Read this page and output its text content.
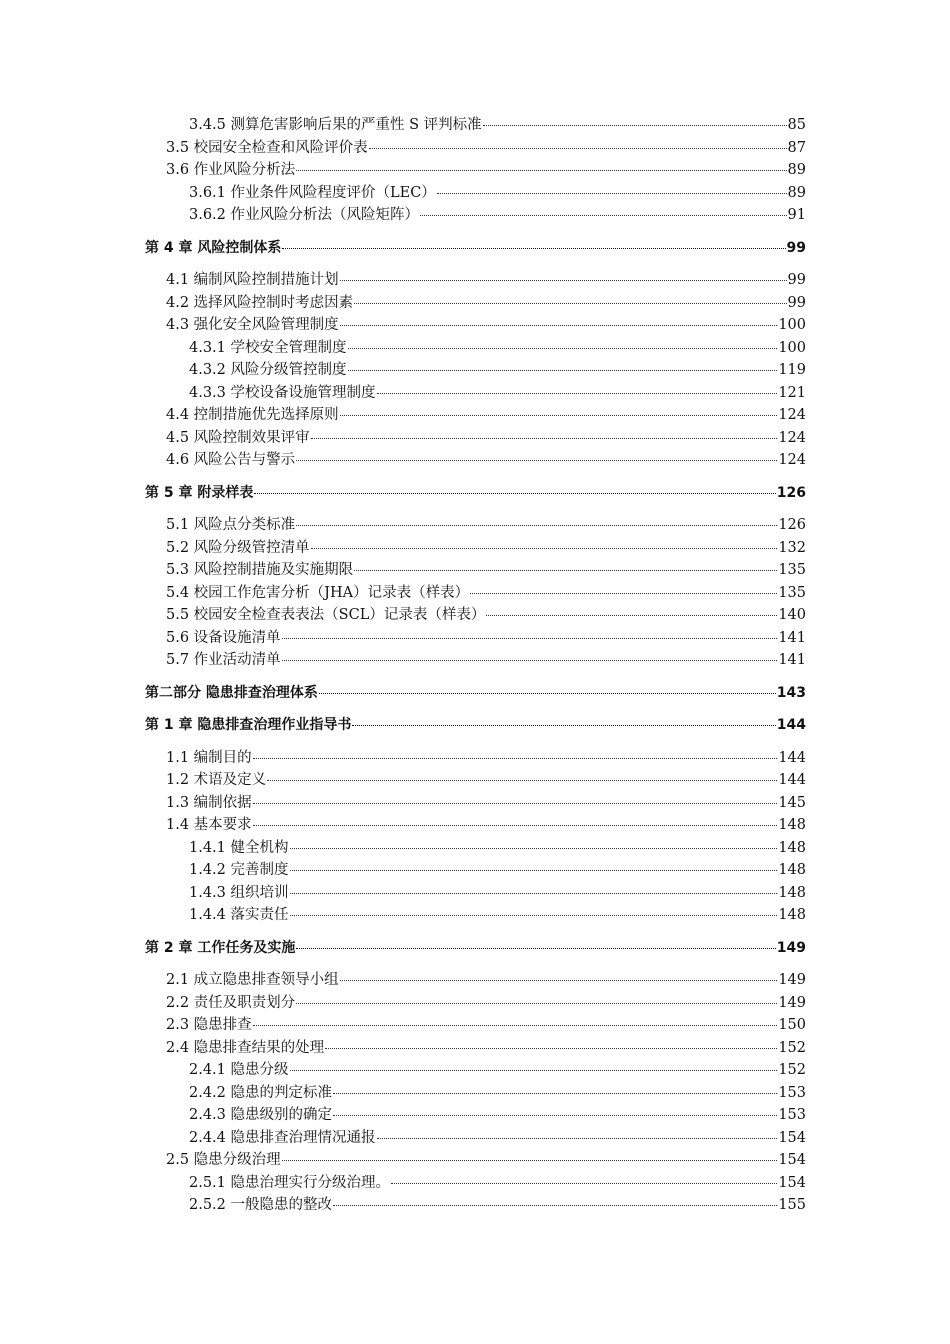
3.4.5 测算危害影响后果的严重性 S 评判标准	85
3.5 校园安全检查和风险评价表	87
3.6 作业风险分析法	89
3.6.1 作业条件风险程度评价（LEC）	89
3.6.2 作业风险分析法（风险矩阵）	91
第 4 章 风险控制体系	99
4.1 编制风险控制措施计划	99
4.2 选择风险控制时考虑因素	99
4.3 强化安全风险管理制度	100
4.3.1 学校安全管理制度	100
4.3.2 风险分级管控制度	119
4.3.3 学校设备设施管理制度	121
4.4 控制措施优先选择原则	124
4.5 风险控制效果评审	124
4.6 风险公告与警示	124
第 5 章 附录样表	126
5.1 风险点分类标准	126
5.2 风险分级管控清单	132
5.3 风险控制措施及实施期限	135
5.4 校园工作危害分析（JHA）记录表（样表）	135
5.5 校园安全检查表表法（SCL）记录表（样表）	140
5.6 设备设施清单	141
5.7 作业活动清单	141
第二部分 隐患排查治理体系	143
第 1 章 隐患排查治理作业指导书	144
1.1 编制目的	144
1.2 术语及定义	144
1.3 编制依据	145
1.4 基本要求	148
1.4.1 健全机构	148
1.4.2 完善制度	148
1.4.3 组织培训	148
1.4.4 落实责任	148
第 2 章 工作任务及实施	149
2.1 成立隐患排查领导小组	149
2.2 责任及职责划分	149
2.3 隐患排查	150
2.4 隐患排查结果的处理	152
2.4.1 隐患分级	152
2.4.2 隐患的判定标准	153
2.4.3 隐患级别的确定	153
2.4.4 隐患排查治理情况通报	154
2.5 隐患分级治理	154
2.5.1 隐患治理实行分级治理。	154
2.5.2 一般隐患的整改	155
